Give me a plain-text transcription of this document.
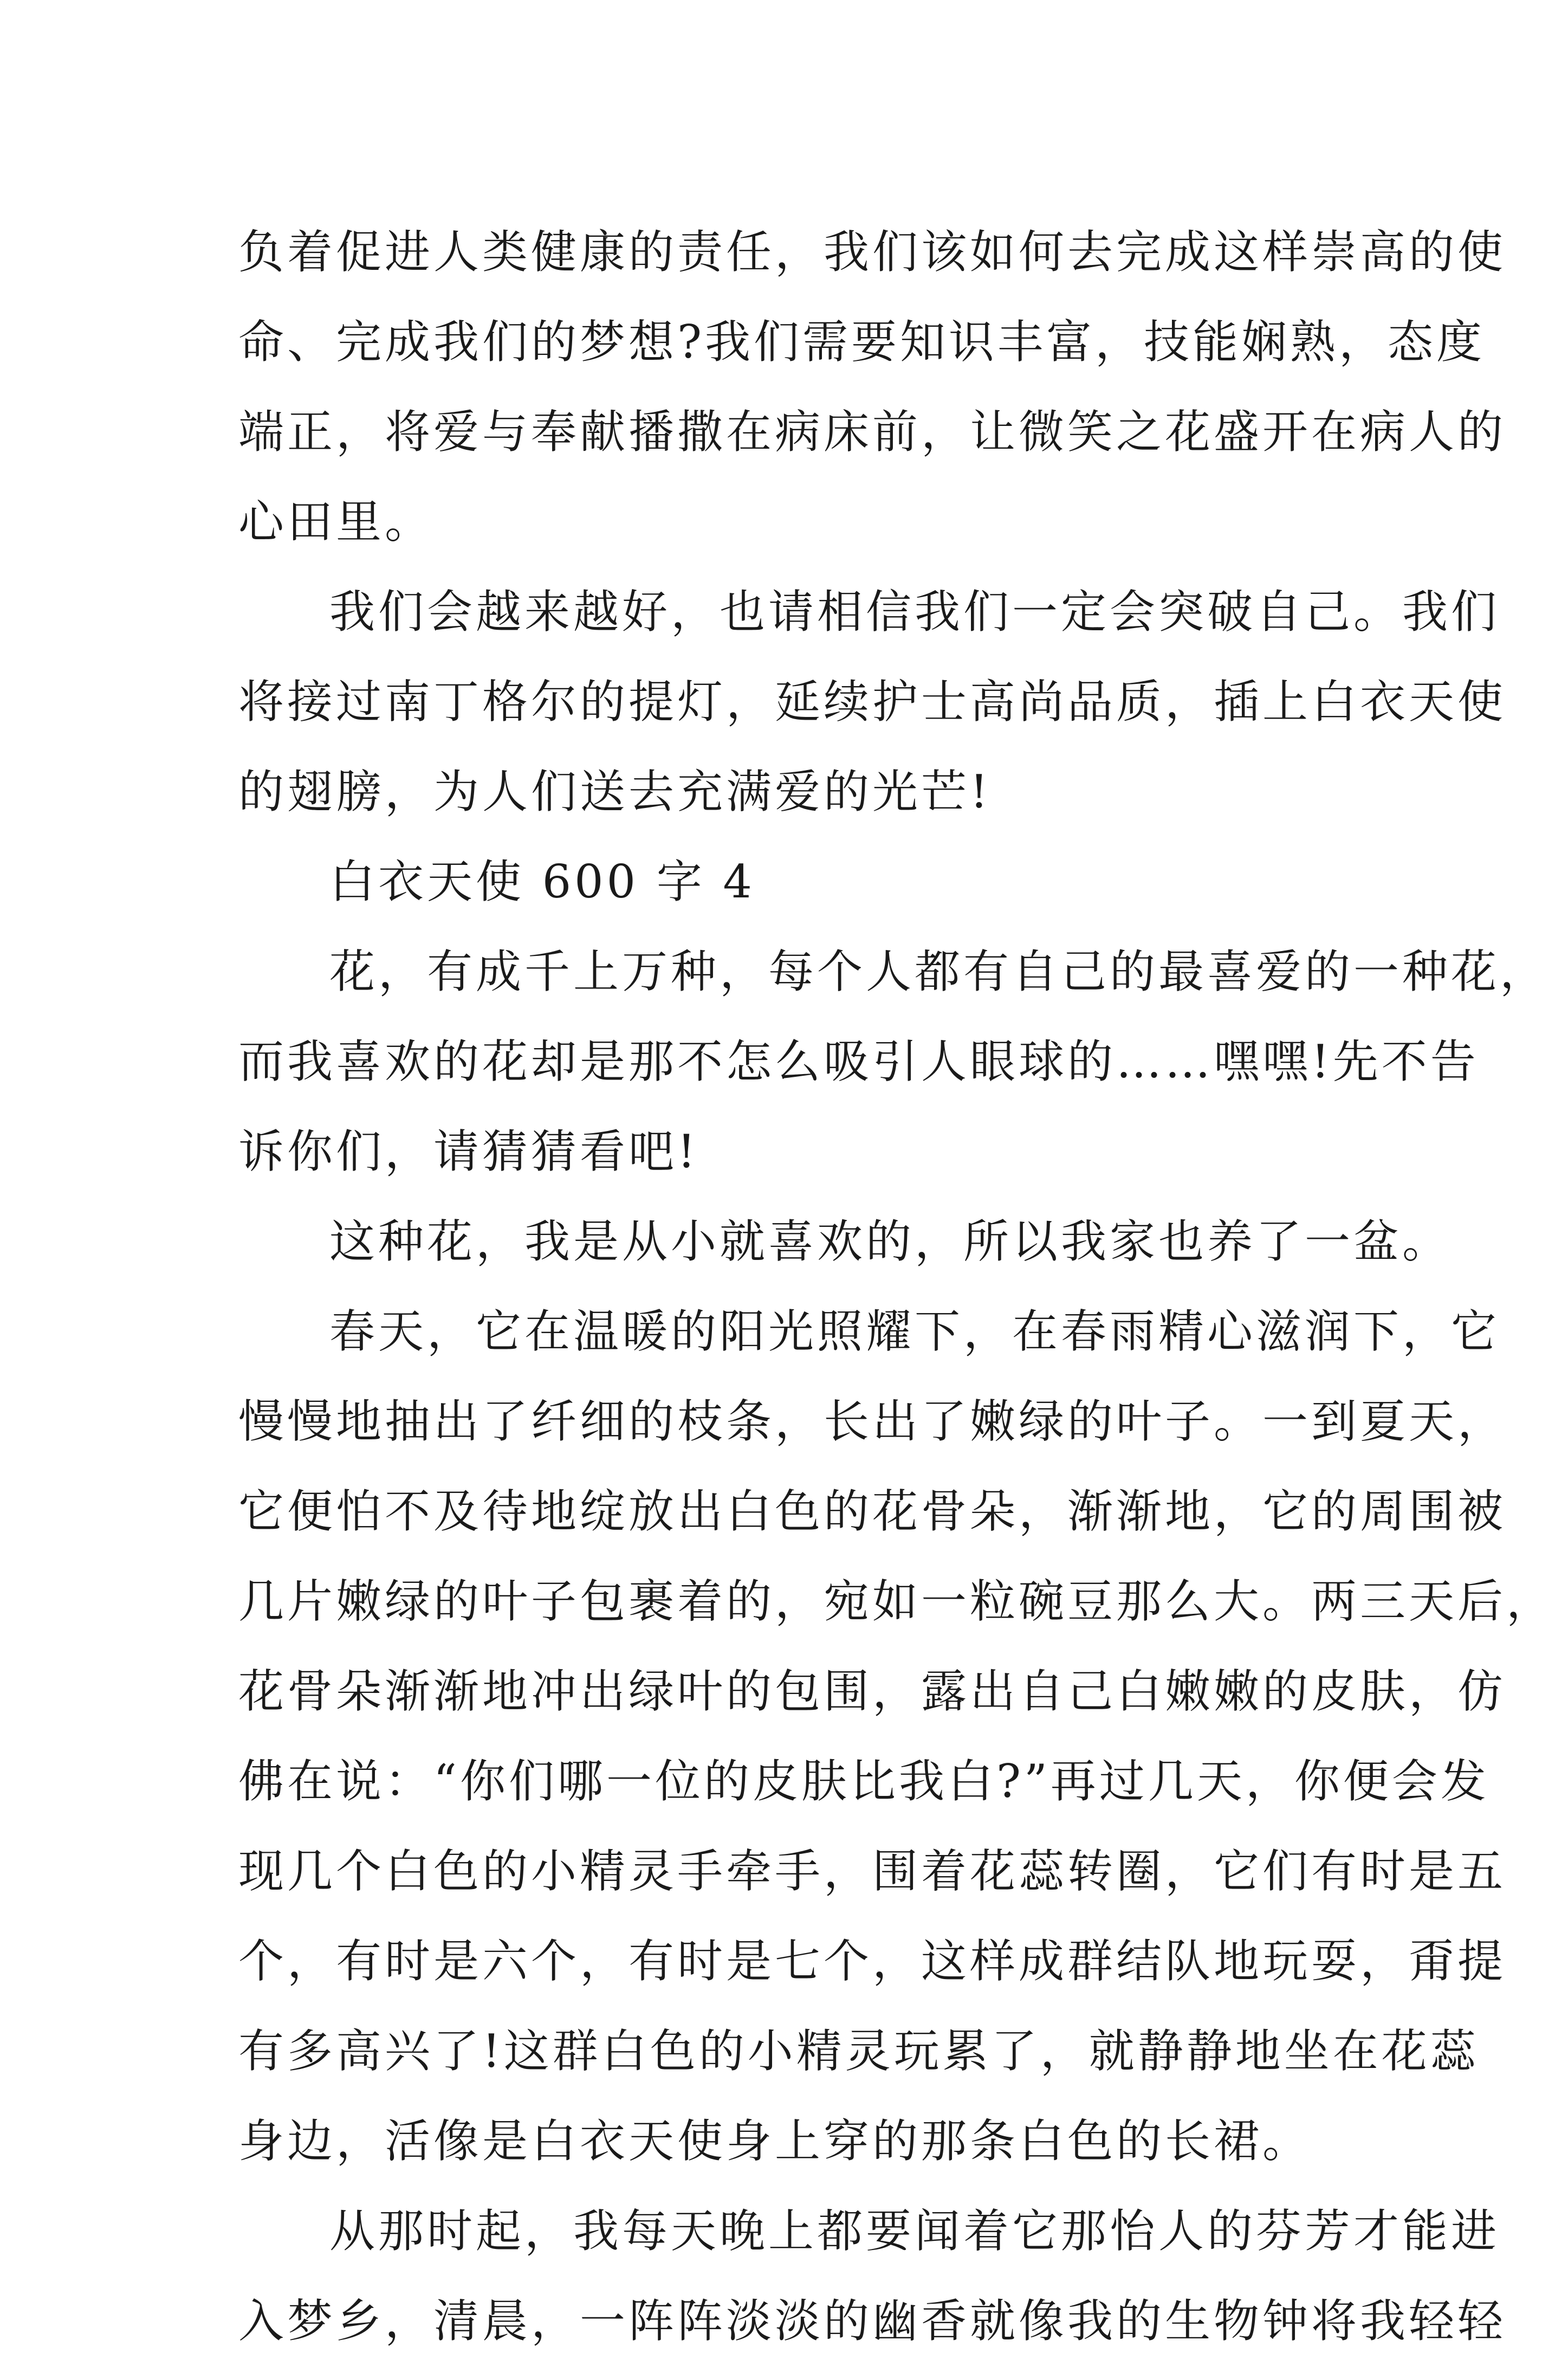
负着促进人类健康的责任，我们该如何去完成这样崇高的使
命、完成我们的梦想?我们需要知识丰富，技能娴熟，态度
端正，将爱与奉献播撒在病床前，让微笑之花盛开在病人的
心田里。
我们会越来越好，也请相信我们一定会突破自己。我们
将接过南丁格尔的提灯，延续护士高尚品质，插上白衣天使
的翅膀，为人们送去充满爱的光芒!
白衣天使 600 字 4
花，有成千上万种，每个人都有自己的最喜爱的一种花，
而我喜欢的花却是那不怎么吸引人眼球的……嘿嘿!先不告
诉你们，请猜猜看吧!
这种花，我是从小就喜欢的，所以我家也养了一盆。
春天，它在温暖的阳光照耀下，在春雨精心滋润下，它
慢慢地抽出了纤细的枝条，长出了嫩绿的叶子。一到夏天，
它便怕不及待地绽放出白色的花骨朵，渐渐地，它的周围被
几片嫩绿的叶子包裹着的，宛如一粒碗豆那么大。两三天后，
花骨朵渐渐地冲出绿叶的包围，露出自己白嫩嫩的皮肤，仿
佛在说：“你们哪一位的皮肤比我白?”再过几天，你便会发
现几个白色的小精灵手牵手，围着花蕊转圈，它们有时是五
个，有时是六个，有时是七个，这样成群结队地玩耍，甭提
有多高兴了!这群白色的小精灵玩累了，就静静地坐在花蕊
身边，活像是白衣天使身上穿的那条白色的长裙。
从那时起，我每天晚上都要闻着它那怡人的芬芳才能进
入梦乡，清晨，一阵阵淡淡的幽香就像我的生物钟将我轻轻
